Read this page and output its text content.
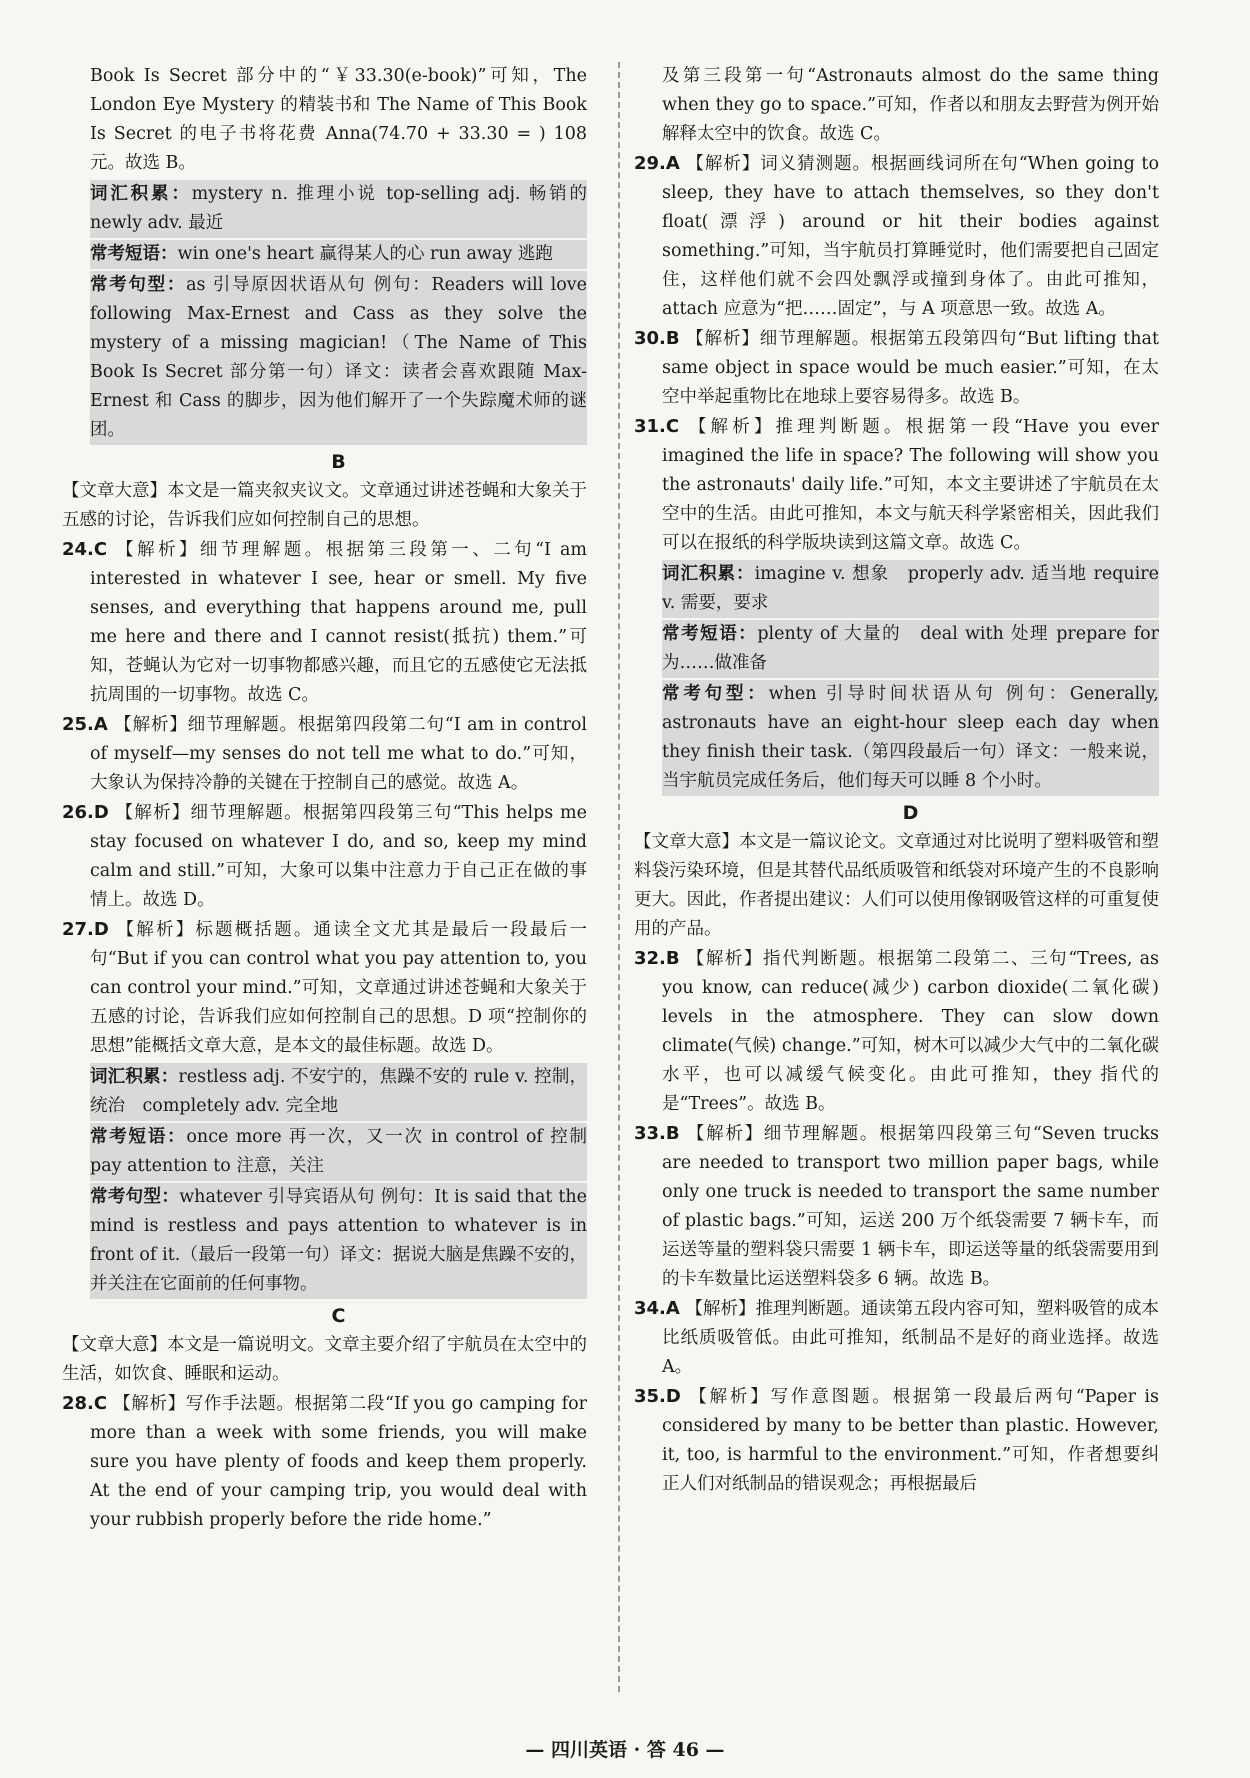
Book Is Secret 部分中的“￥33.30(e-book)”可知，The London Eye Mystery 的精装书和 The Name of This Book Is Secret 的电子书将花费 Anna(74.70 + 33.30 = ) 108 元。故选 B。

词汇积累：mystery n. 推理小说 top-selling adj. 畅销的　newly adv. 最近
常考短语：win one's heart 赢得某人的心 run away 逃跑
常考句型：as 引导原因状语从句 例句：Readers will love following Max-Ernest and Cass as they solve the mystery of a missing magician!（The Name of This Book Is Secret 部分第一句）译文：读者会喜欢跟随 Max-Ernest 和 Cass 的脚步，因为他们解开了一个失踪魔术师的谜团。
B

【文章大意】本文是一篇夹叙夹议文。文章通过讲述苍蝇和大象关于五感的讨论，告诉我们应如何控制自己的思想。

24.C 【解析】细节理解题。根据第三段第一、二句“I am interested in whatever I see, hear or smell. My five senses, and everything that happens around me, pull me here and there and I cannot resist(抵抗) them.”可知，苍蝇认为它对一切事物都感兴趣，而且它的五感使它无法抵抗周围的一切事物。故选 C。

25.A 【解析】细节理解题。根据第四段第二句“I am in control of myself—my senses do not tell me what to do.”可知，大象认为保持冷静的关键在于控制自己的感觉。故选 A。

26.D 【解析】细节理解题。根据第四段第三句“This helps me stay focused on whatever I do, and so, keep my mind calm and still.”可知，大象可以集中注意力于自己正在做的事情上。故选 D。

27.D 【解析】标题概括题。通读全文尤其是最后一段最后一句“But if you can control what you pay attention to, you can control your mind.”可知，文章通过讲述苍蝇和大象关于五感的讨论，告诉我们应如何控制自己的思想。D 项“控制你的思想”能概括文章大意，是本文的最佳标题。故选 D。

词汇积累：restless adj. 不安宁的，焦躁不安的 rule v. 控制，统治　completely adv. 完全地
常考短语：once more 再一次，又一次 in control of 控制　pay attention to 注意，关注
常考句型：whatever 引导宾语从句 例句：It is said that the mind is restless and pays attention to whatever is in front of it.（最后一段第一句）译文：据说大脑是焦躁不安的，并关注在它面前的任何事物。
C

【文章大意】本文是一篇说明文。文章主要介绍了宇航员在太空中的生活，如饮食、睡眠和运动。

28.C 【解析】写作手法题。根据第二段“If you go camping for more than a week with some friends, you will make sure you have plenty of foods and keep them properly. At the end of your camping trip, you would deal with your rubbish properly before the ride home.”

及第三段第一句“Astronauts almost do the same thing when they go to space.”可知，作者以和朋友去野营为例开始解释太空中的饮食。故选 C。

29.A 【解析】词义猜测题。根据画线词所在句“When going to sleep, they have to attach themselves, so they don't float(漂浮) around or hit their bodies against something.”可知，当宇航员打算睡觉时，他们需要把自己固定住，这样他们就不会四处飘浮或撞到身体了。由此可推知，attach 应意为“把……固定”，与 A 项意思一致。故选 A。

30.B 【解析】细节理解题。根据第五段第四句“But lifting that same object in space would be much easier.”可知，在太空中举起重物比在地球上要容易得多。故选 B。

31.C 【解析】推理判断题。根据第一段“Have you ever imagined the life in space? The following will show you the astronauts' daily life.”可知，本文主要讲述了宇航员在太空中的生活。由此可推知，本文与航天科学紧密相关，因此我们可以在报纸的科学版块读到这篇文章。故选 C。

词汇积累：imagine v. 想象　properly adv. 适当地 require v. 需要，要求
常考短语：plenty of 大量的　deal with 处理 prepare for 为……做准备
常考句型：when 引导时间状语从句 例句：Generally, astronauts have an eight-hour sleep each day when they finish their task.（第四段最后一句）译文：一般来说，当宇航员完成任务后，他们每天可以睡 8 个小时。
D

【文章大意】本文是一篇议论文。文章通过对比说明了塑料吸管和塑料袋污染环境，但是其替代品纸质吸管和纸袋对环境产生的不良影响更大。因此，作者提出建议：人们可以使用像钢吸管这样的可重复使用的产品。

32.B 【解析】指代判断题。根据第二段第二、三句“Trees, as you know, can reduce(减少) carbon dioxide(二氧化碳) levels in the atmosphere. They can slow down climate(气候) change.”可知，树木可以减少大气中的二氧化碳水平，也可以减缓气候变化。由此可推知，they 指代的是“Trees”。故选 B。

33.B 【解析】细节理解题。根据第四段第三句“Seven trucks are needed to transport two million paper bags, while only one truck is needed to transport the same number of plastic bags.”可知，运送 200 万个纸袋需要 7 辆卡车，而运送等量的塑料袋只需要 1 辆卡车，即运送等量的纸袋需要用到的卡车数量比运送塑料袋多 6 辆。故选 B。

34.A 【解析】推理判断题。通读第五段内容可知，塑料吸管的成本比纸质吸管低。由此可推知，纸制品不是好的商业选择。故选 A。

35.D 【解析】写作意图题。根据第一段最后两句“Paper is considered by many to be better than plastic. However, it, too, is harmful to the environment.”可知，作者想要纠正人们对纸制品的错误观念；再根据最后

— 四川英语 · 答 46 —
